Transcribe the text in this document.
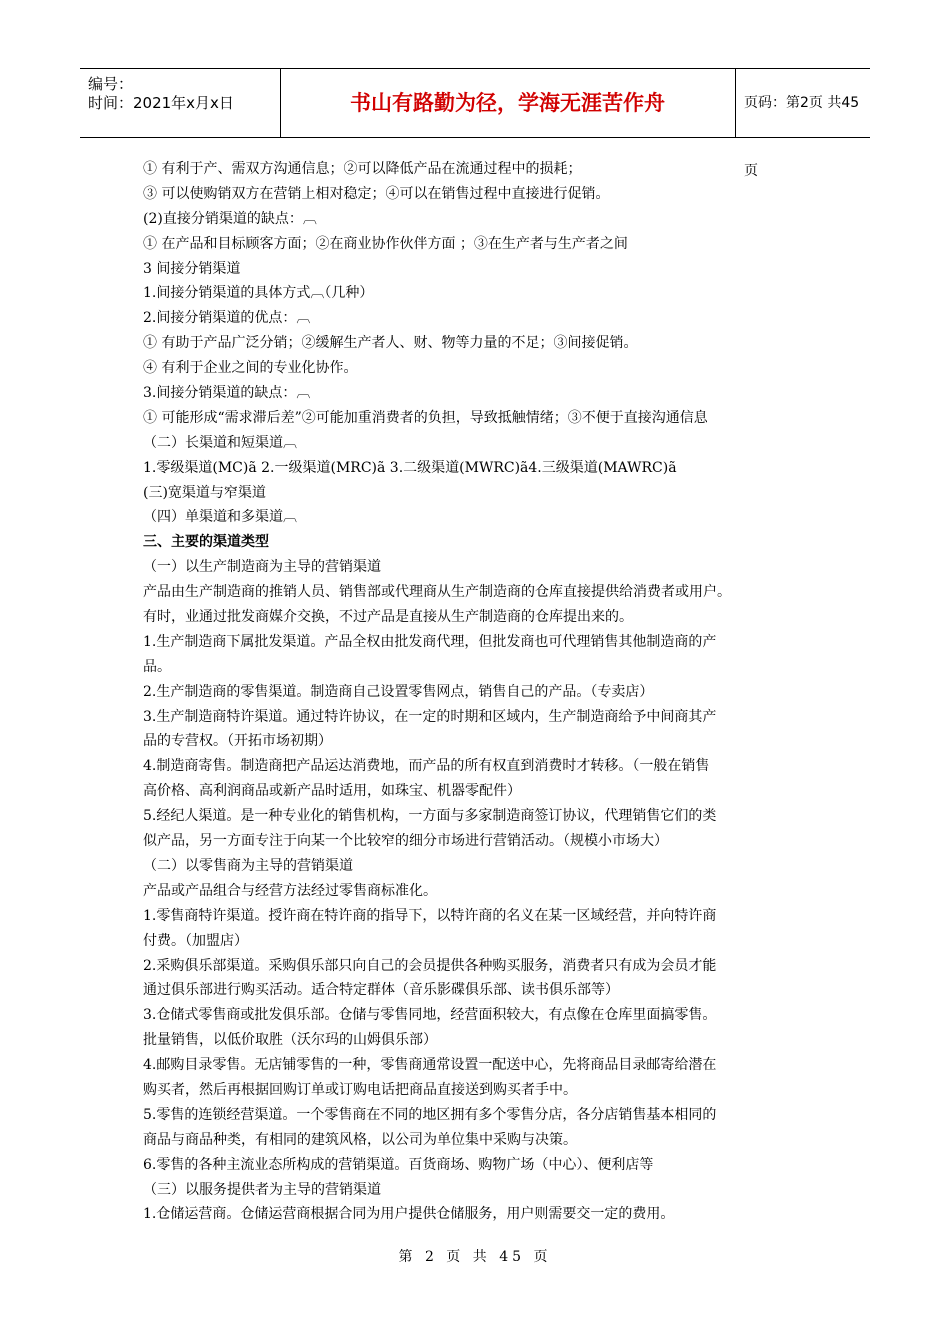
编号：
时间：2021年x月x日	书山有路勤为径，学海无涯苦作舟	页码：第2页 共45页
① 有利于产、需双方沟通信息；②可以降低产品在流通过程中的损耗；
③ 可以使购销双方在营销上相对稳定；④可以在销售过程中直接进行促销。
(2)直接分销渠道的缺点：︹
① 在产品和目标顾客方面；②在商业协作伙伴方面 ；③在生产者与生产者之间
3 间接分销渠道
1.间接分销渠道的具体方式︹（几种）
2.间接分销渠道的优点：︹
① 有助于产品广泛分销；②缓解生产者人、财、物等力量的不足；③间接促销。
④ 有利于企业之间的专业化协作。
3.间接分销渠道的缺点：︹
① 可能形成“需求滞后差”②可能加重消费者的负担，导致抵触情绪；③不便于直接沟通信息
（二）长渠道和短渠道︹
1.零级渠道(MC)ã 2.一级渠道(MRC)ã 3.二级渠道(MWRC)ã4.三级渠道(MAWRC)ã
(三)宽渠道与窄渠道
（四）单渠道和多渠道︹
三、主要的渠道类型
（一）以生产制造商为主导的营销渠道
产品由生产制造商的推销人员、销售部或代理商从生产制造商的仓库直接提供给消费者或用户。
有时，业通过批发商媒介交换，不过产品是直接从生产制造商的仓库提出来的。
1.生产制造商下属批发渠道。产品全权由批发商代理，但批发商也可代理销售其他制造商的产
品。
2.生产制造商的零售渠道。制造商自己设置零售网点，销售自己的产品。（专卖店）
3.生产制造商特许渠道。通过特许协议，在一定的时期和区域内，生产制造商给予中间商其产
品的专营权。（开拓市场初期）
4.制造商寄售。制造商把产品运达消费地，而产品的所有权直到消费时才转移。（一般在销售
高价格、高利润商品或新产品时适用，如珠宝、机器零配件）
5.经纪人渠道。是一种专业化的销售机构，一方面与多家制造商签订协议，代理销售它们的类
似产品，另一方面专注于向某一个比较窄的细分市场进行营销活动。（规模小市场大）
（二）以零售商为主导的营销渠道
产品或产品组合与经营方法经过零售商标准化。
1.零售商特许渠道。授许商在特许商的指导下，以特许商的名义在某一区域经营，并向特许商
付费。（加盟店）
2.采购俱乐部渠道。采购俱乐部只向自己的会员提供各种购买服务，消费者只有成为会员才能
通过俱乐部进行购买活动。适合特定群体（音乐影碟俱乐部、读书俱乐部等）
3.仓储式零售商或批发俱乐部。仓储与零售同地，经营面积较大，有点像在仓库里面搞零售。
批量销售，以低价取胜（沃尔玛的山姆俱乐部）
4.邮购目录零售。无店铺零售的一种，零售商通常设置一配送中心，先将商品目录邮寄给潜在
购买者，然后再根据回购订单或订购电话把商品直接送到购买者手中。
5.零售的连锁经营渠道。一个零售商在不同的地区拥有多个零售分店，各分店销售基本相同的
商品与商品种类，有相同的建筑风格，以公司为单位集中采购与决策。
6.零售的各种主流业态所构成的营销渠道。百货商场、购物广场（中心）、便利店等
（三）以服务提供者为主导的营销渠道
1.仓储运营商。仓储运营商根据合同为用户提供仓储服务，用户则需要交一定的费用。
第 2 页 共 45 页
